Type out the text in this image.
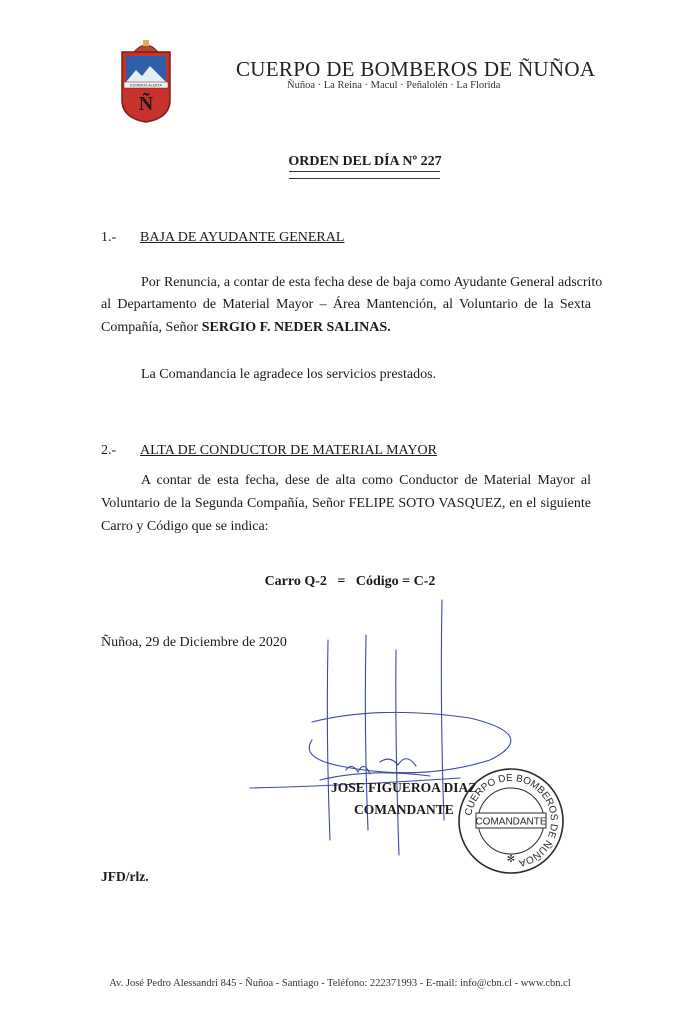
ESTAMOS ALERTA
Ñ
CUERPO DE BOMBEROS DE ÑUÑOA
Ñuñoa · La Reina · Macul · Peñalolén · La Florida
ORDEN DEL DÍA Nº 227
1.- BAJA DE AYUDANTE GENERAL
Por Renuncia, a contar de esta fecha dese de baja como Ayudante General adscrito
al Departamento de Material Mayor – Área Mantención, al Voluntario de la Sexta
Compañía, Señor SERGIO F. NEDER SALINAS.
La Comandancia le agradece los servicios prestados.
2.- ALTA DE CONDUCTOR DE MATERIAL MAYOR
A contar de esta fecha, dese de alta como Conductor de Material Mayor al
Voluntario de la Segunda Compañía, Señor FELIPE SOTO VASQUEZ, en el siguiente
Carro y Código que se indica:
Carro Q-2   =   Código = C-2
Ñuñoa, 29 de Diciembre de 2020
JOSE FIGUEROA DIAZ
COMANDANTE CUERPO DE BOMBEROS DE ÑUÑOA
COMANDANTE
✻
JFD/rlz.
Av. José Pedro Alessandri 845 - Ñuñoa - Santiago - Teléfono: 222371993 - E-mail: info@cbn.cl - www.cbn.cl
